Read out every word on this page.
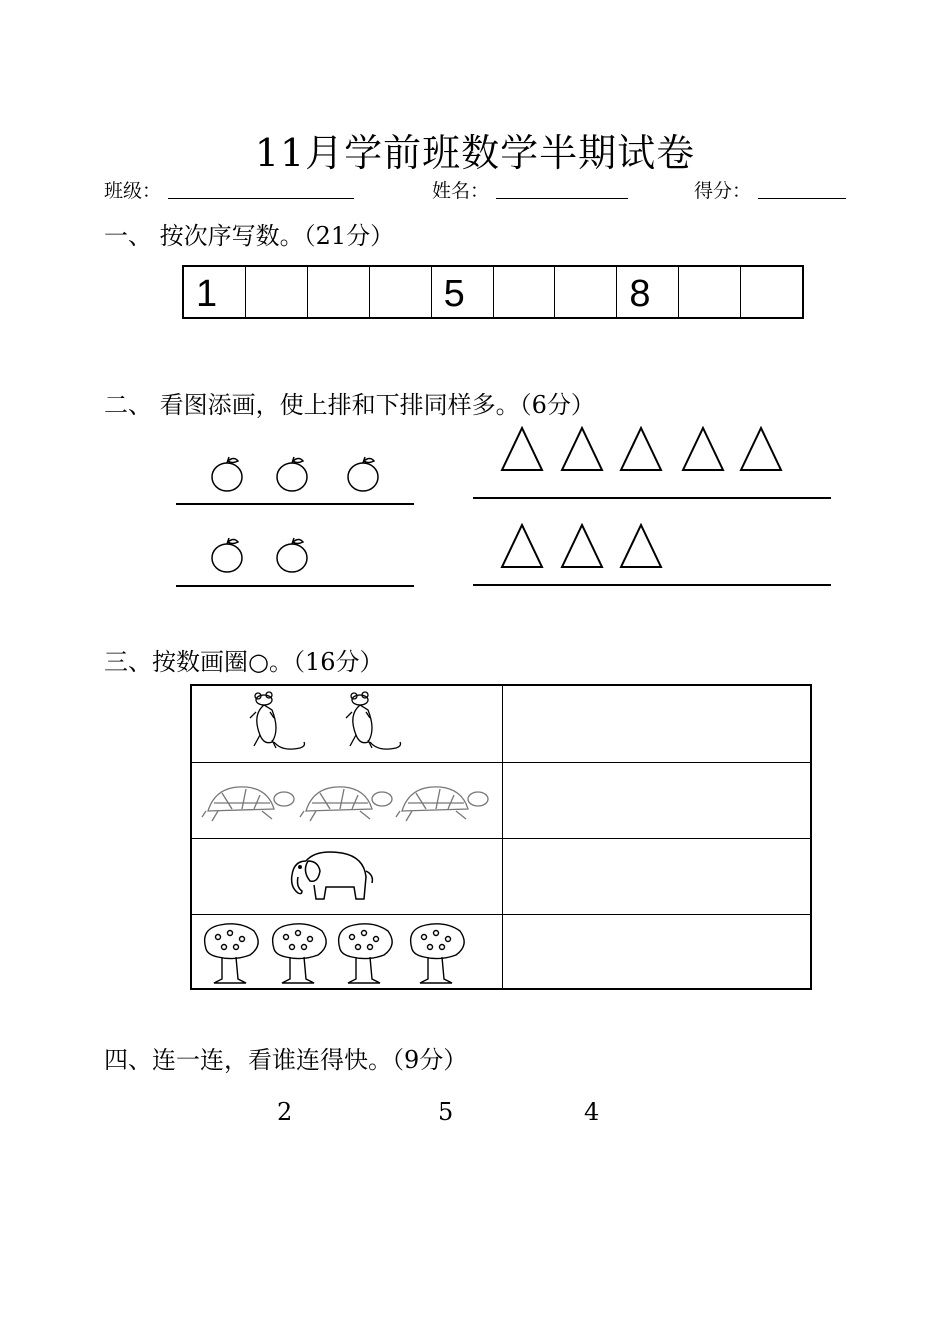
11月学前班数学半期试卷
班级：	姓名：	得分：
一、 按次序写数。（21分）
1	5	8
二、 看图添画，使上排和下排同样多。（6分）
三、按数画圈○。（16分）
四、连一连，看谁连得快。（9分）
2	5	4
